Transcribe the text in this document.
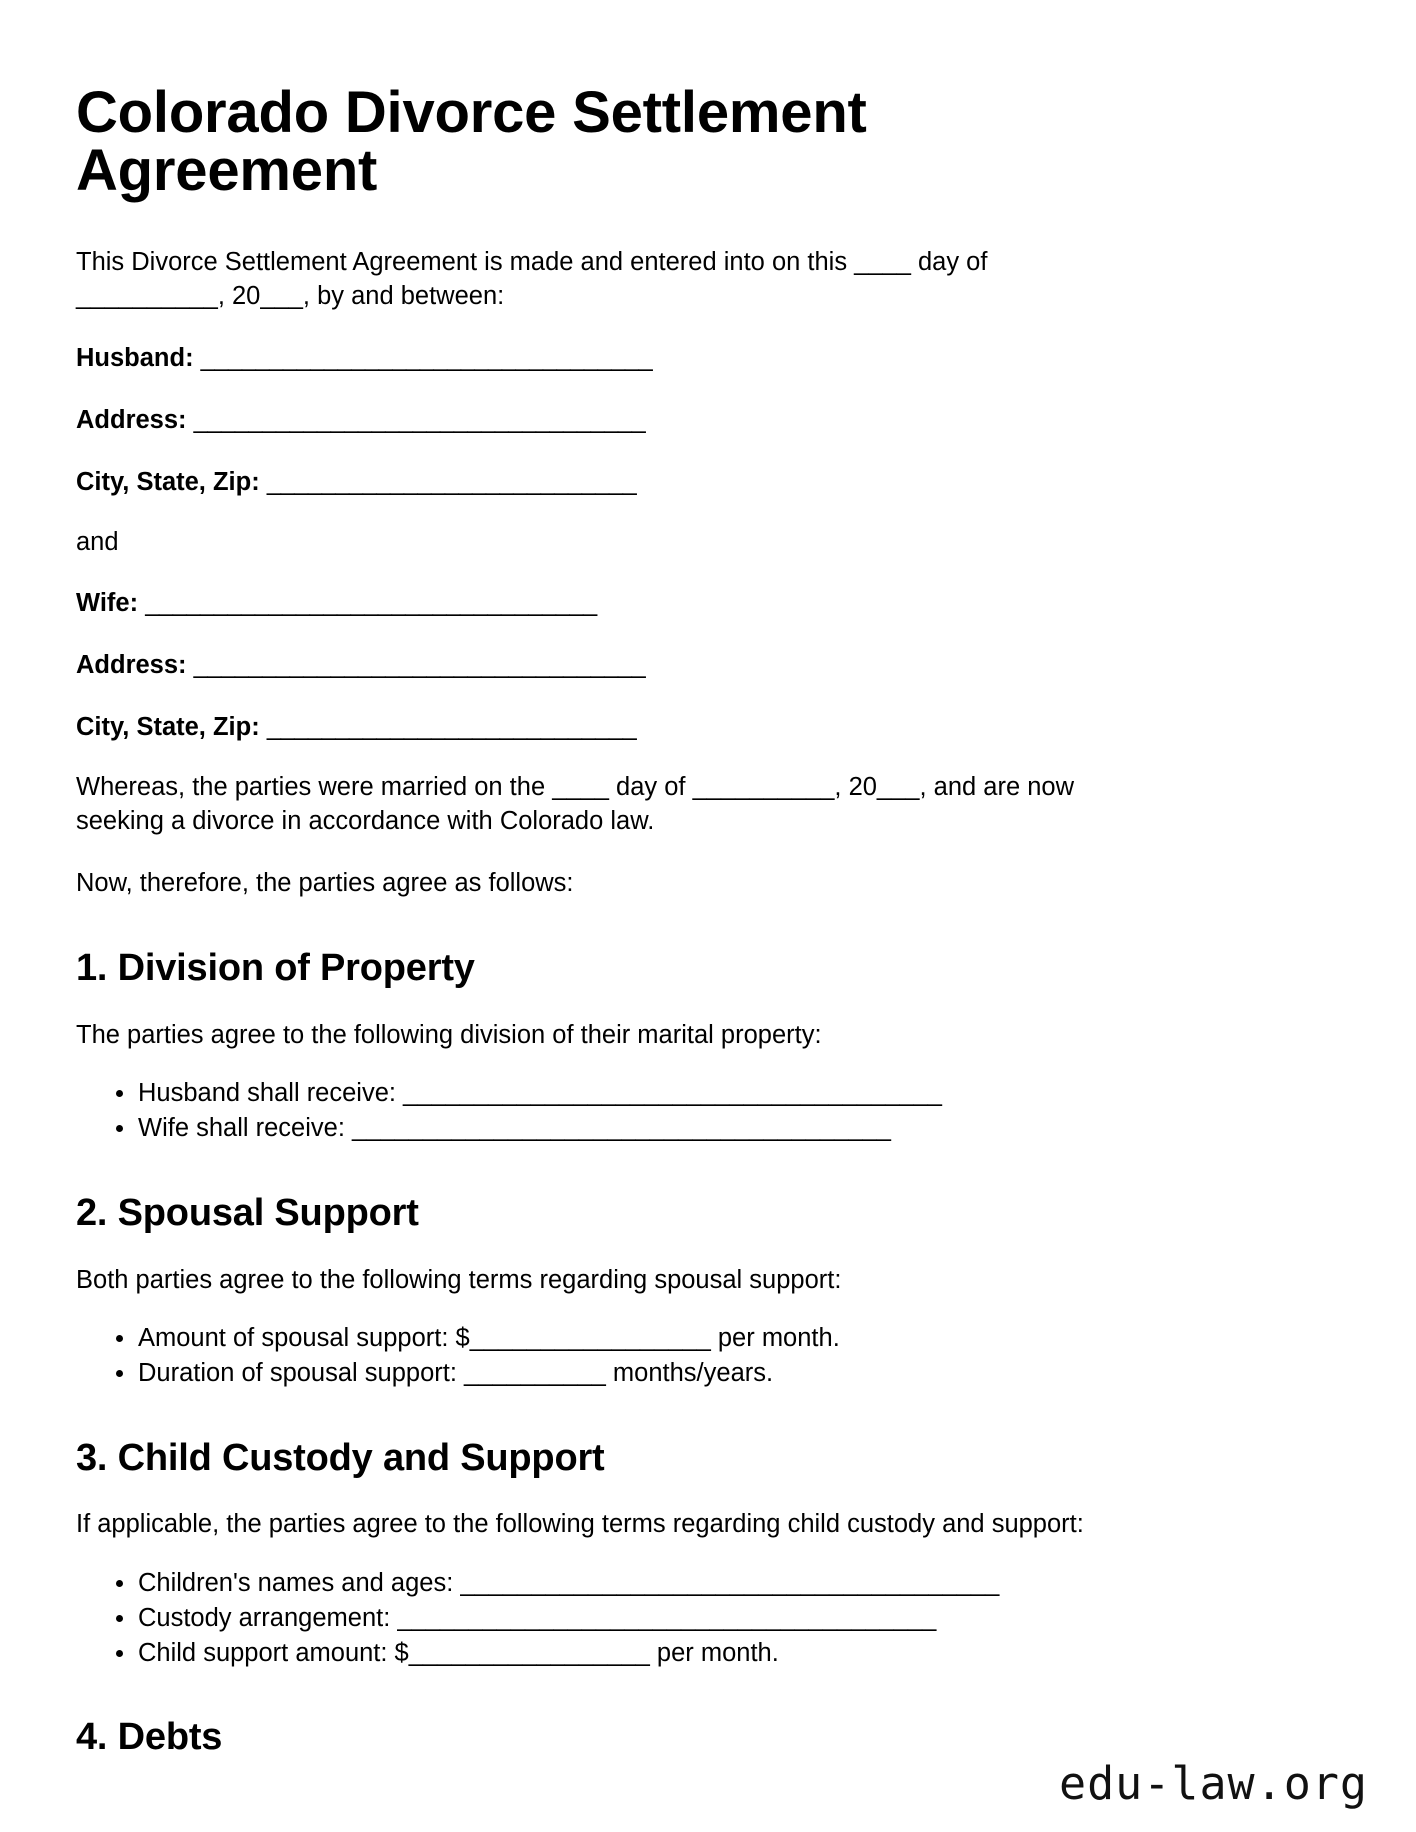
Colorado Divorce Settlement Agreement

This Divorce Settlement Agreement is made and entered into on this ____ day of __________, 20___, by and between:

Husband: _________________________________
Address: _________________________________
City, State, Zip: ___________________________

and

Wife: _________________________________
Address: _________________________________
City, State, Zip: ___________________________

Whereas, the parties were married on the ____ day of __________, 20___, and are now seeking a divorce in accordance with Colorado law.

Now, therefore, the parties agree as follows:

1. Division of Property

The parties agree to the following division of their marital property:

Husband shall receive: ______________________________________
Wife shall receive: ______________________________________
2. Spousal Support

Both parties agree to the following terms regarding spousal support:

Amount of spousal support: $_________________ per month.
Duration of spousal support: __________ months/years.
3. Child Custody and Support

If applicable, the parties agree to the following terms regarding child custody and support:

Children's names and ages: ______________________________________
Custody arrangement: ______________________________________
Child support amount: $_________________ per month.
4. Debts
edu-law.org
